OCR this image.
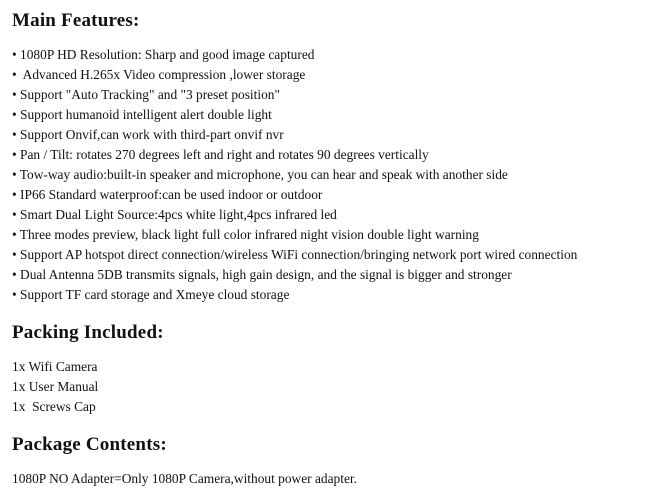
Main Features:
• 1080P HD Resolution: Sharp and good image captured
•  Advanced H.265x Video compression ,lower storage
• Support "Auto Tracking" and "3 preset position"
• Support humanoid intelligent alert double light
• Support Onvif,can work with third-part onvif nvr
• Pan / Tilt: rotates 270 degrees left and right and rotates 90 degrees vertically
• Tow-way audio:built-in speaker and microphone, you can hear and speak with another side
• IP66 Standard waterproof:can be used indoor or outdoor
• Smart Dual Light Source:4pcs white light,4pcs infrared led
• Three modes preview, black light full color infrared night vision double light warning
• Support AP hotspot direct connection/wireless WiFi connection/bringing network port wired connection
• Dual Antenna 5DB transmits signals, high gain design, and the signal is bigger and stronger
• Support TF card storage and Xmeye cloud storage
Packing Included:
1x Wifi Camera
1x User Manual
1x  Screws Cap
Package Contents:
1080P NO Adapter=Only 1080P Camera,without power adapter.
